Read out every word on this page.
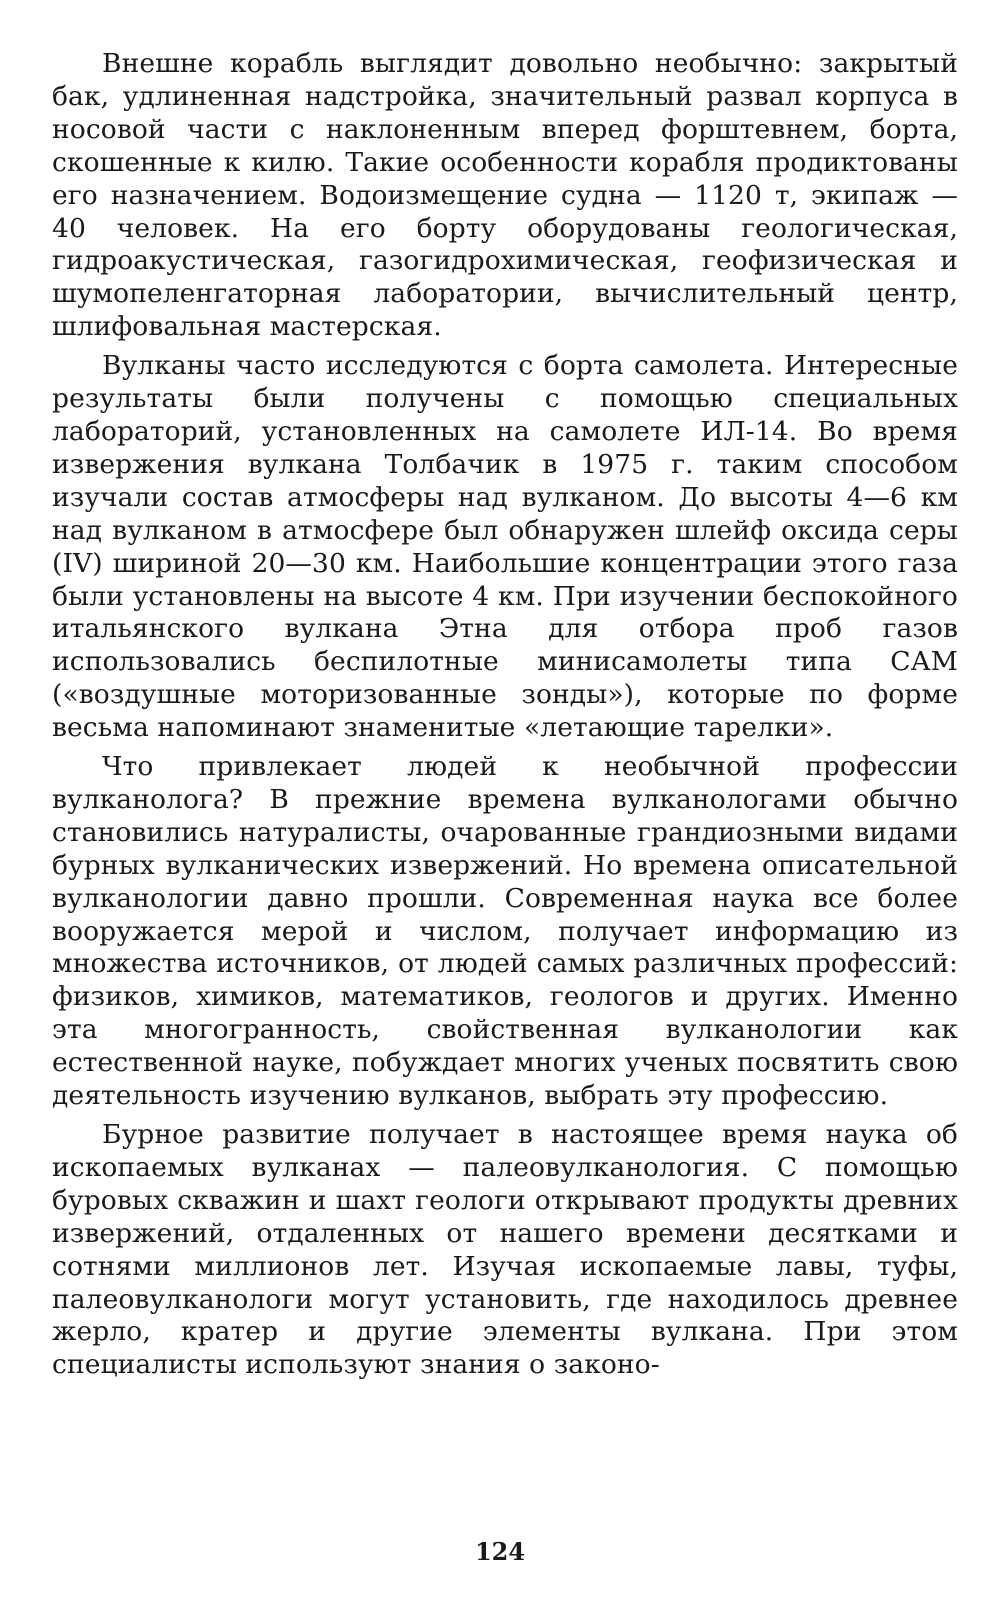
Внешне корабль выглядит довольно необычно: закрытый бак, удлиненная надстройка, значительный развал корпуса в носовой части с наклоненным вперед форштевнем, борта, скошенные к килю. Такие особенности корабля продиктованы его назначением. Водоизмещение судна — 1120 т, экипаж — 40 человек. На его борту оборудованы геологическая, гидроакустическая, газогидрохимическая, геофизическая и шумопеленгаторная лаборатории, вычислительный центр, шлифовальная мастерская.

Вулканы часто исследуются с борта самолета. Интересные результаты были получены с помощью специальных лабораторий, установленных на самолете ИЛ-14. Во время извержения вулкана Толбачик в 1975 г. таким способом изучали состав атмосферы над вулканом. До высоты 4—6 км над вулканом в атмосфере был обнаружен шлейф оксида серы (IV) шириной 20—30 км. Наибольшие концентрации этого газа были установлены на высоте 4 км. При изучении беспокойного итальянского вулкана Этна для отбора проб газов использовались беспилотные минисамолеты типа САМ («воздушные моторизованные зонды»), которые по форме весьма напоминают знаменитые «летающие тарелки».

Что привлекает людей к необычной профессии вулканолога? В прежние времена вулканологами обычно становились натуралисты, очарованные грандиозными видами бурных вулканических извержений. Но времена описательной вулканологии давно прошли. Современная наука все более вооружается мерой и числом, получает информацию из множества источников, от людей самых различных профессий: физиков, химиков, математиков, геологов и других. Именно эта многогранность, свойственная вулканологии как естественной науке, побуждает многих ученых посвятить свою деятельность изучению вулканов, выбрать эту профессию.

Бурное развитие получает в настоящее время наука об ископаемых вулканах — палеовулканология. С помощью буровых скважин и шахт геологи открывают продукты древних извержений, отдаленных от нашего времени десятками и сотнями миллионов лет. Изучая ископаемые лавы, туфы, палеовулканологи могут установить, где находилось древнее жерло, кратер и другие элементы вулкана. При этом специалисты используют знания о законо-

124
